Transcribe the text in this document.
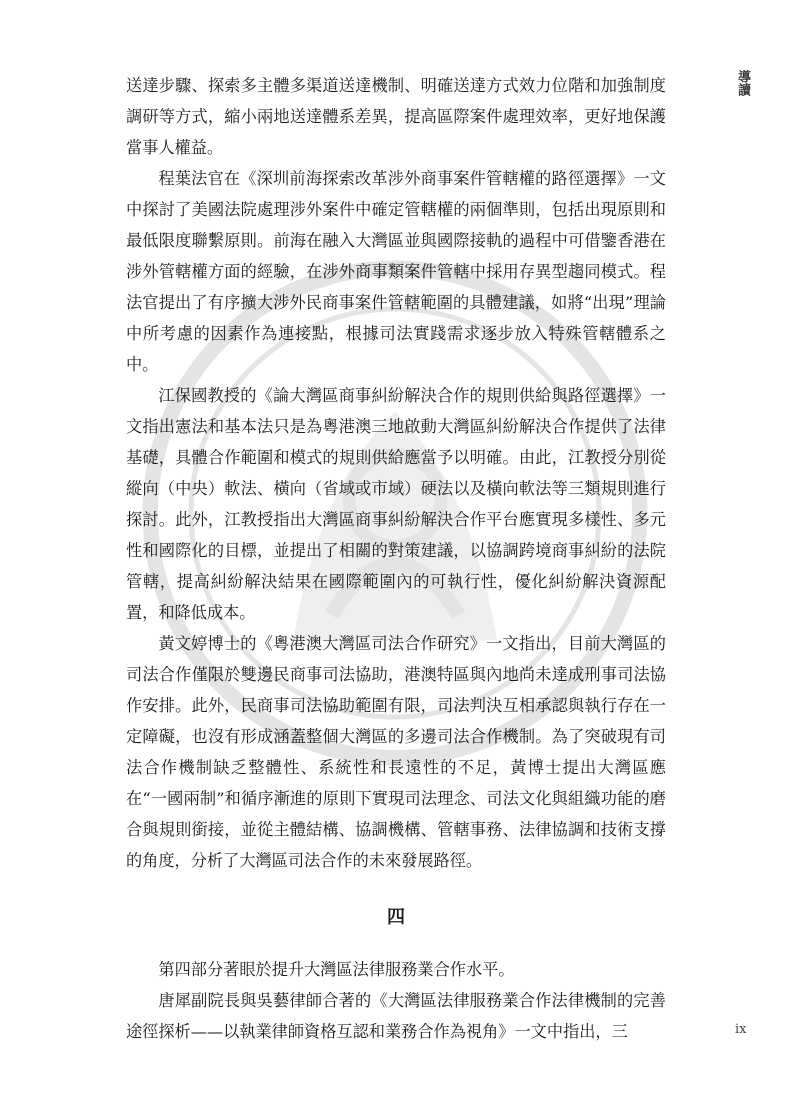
導讀

送達步驟、探索多主體多渠道送達機制、明確送達方式效力位階和加強制度調研等方式，縮小兩地送達體系差異，提高區際案件處理效率，更好地保護當事人權益。

程葉法官在《深圳前海探索改革涉外商事案件管轄權的路徑選擇》一文中探討了美國法院處理涉外案件中確定管轄權的兩個準則，包括出現原則和最低限度聯繫原則。前海在融入大灣區並與國際接軌的過程中可借鑒香港在涉外管轄權方面的經驗，在涉外商事類案件管轄中採用存異型趨同模式。程法官提出了有序擴大涉外民商事案件管轄範圍的具體建議，如將“出現”理論中所考慮的因素作為連接點，根據司法實踐需求逐步放入特殊管轄體系之中。

江保國教授的《論大灣區商事糾紛解決合作的規則供給與路徑選擇》一文指出憲法和基本法只是為粵港澳三地啟動大灣區糾紛解決合作提供了法律基礎，具體合作範圍和模式的規則供給應當予以明確。由此，江教授分別從縱向（中央）軟法、橫向（省域或市域）硬法以及橫向軟法等三類規則進行探討。此外，江教授指出大灣區商事糾紛解決合作平台應實現多樣性、多元性和國際化的目標，並提出了相關的對策建議，以協調跨境商事糾紛的法院管轄，提高糾紛解決結果在國際範圍內的可執行性，優化糾紛解決資源配置，和降低成本。

黃文婷博士的《粵港澳大灣區司法合作研究》一文指出，目前大灣區的司法合作僅限於雙邊民商事司法協助，港澳特區與內地尚未達成刑事司法協作安排。此外，民商事司法協助範圍有限，司法判決互相承認與執行存在一定障礙，也沒有形成涵蓋整個大灣區的多邊司法合作機制。為了突破現有司法合作機制缺乏整體性、系統性和長遠性的不足，黃博士提出大灣區應在“一國兩制”和循序漸進的原則下實現司法理念、司法文化與組織功能的磨合與規則銜接，並從主體結構、協調機構、管轄事務、法律協調和技術支撐的角度，分析了大灣區司法合作的未來發展路徑。

四

第四部分著眼於提升大灣區法律服務業合作水平。

唐犀副院長與吳藝律師合著的《大灣區法律服務業合作法律機制的完善途徑探析——以執業律師資格互認和業務合作為視角》一文中指出，三	ix
